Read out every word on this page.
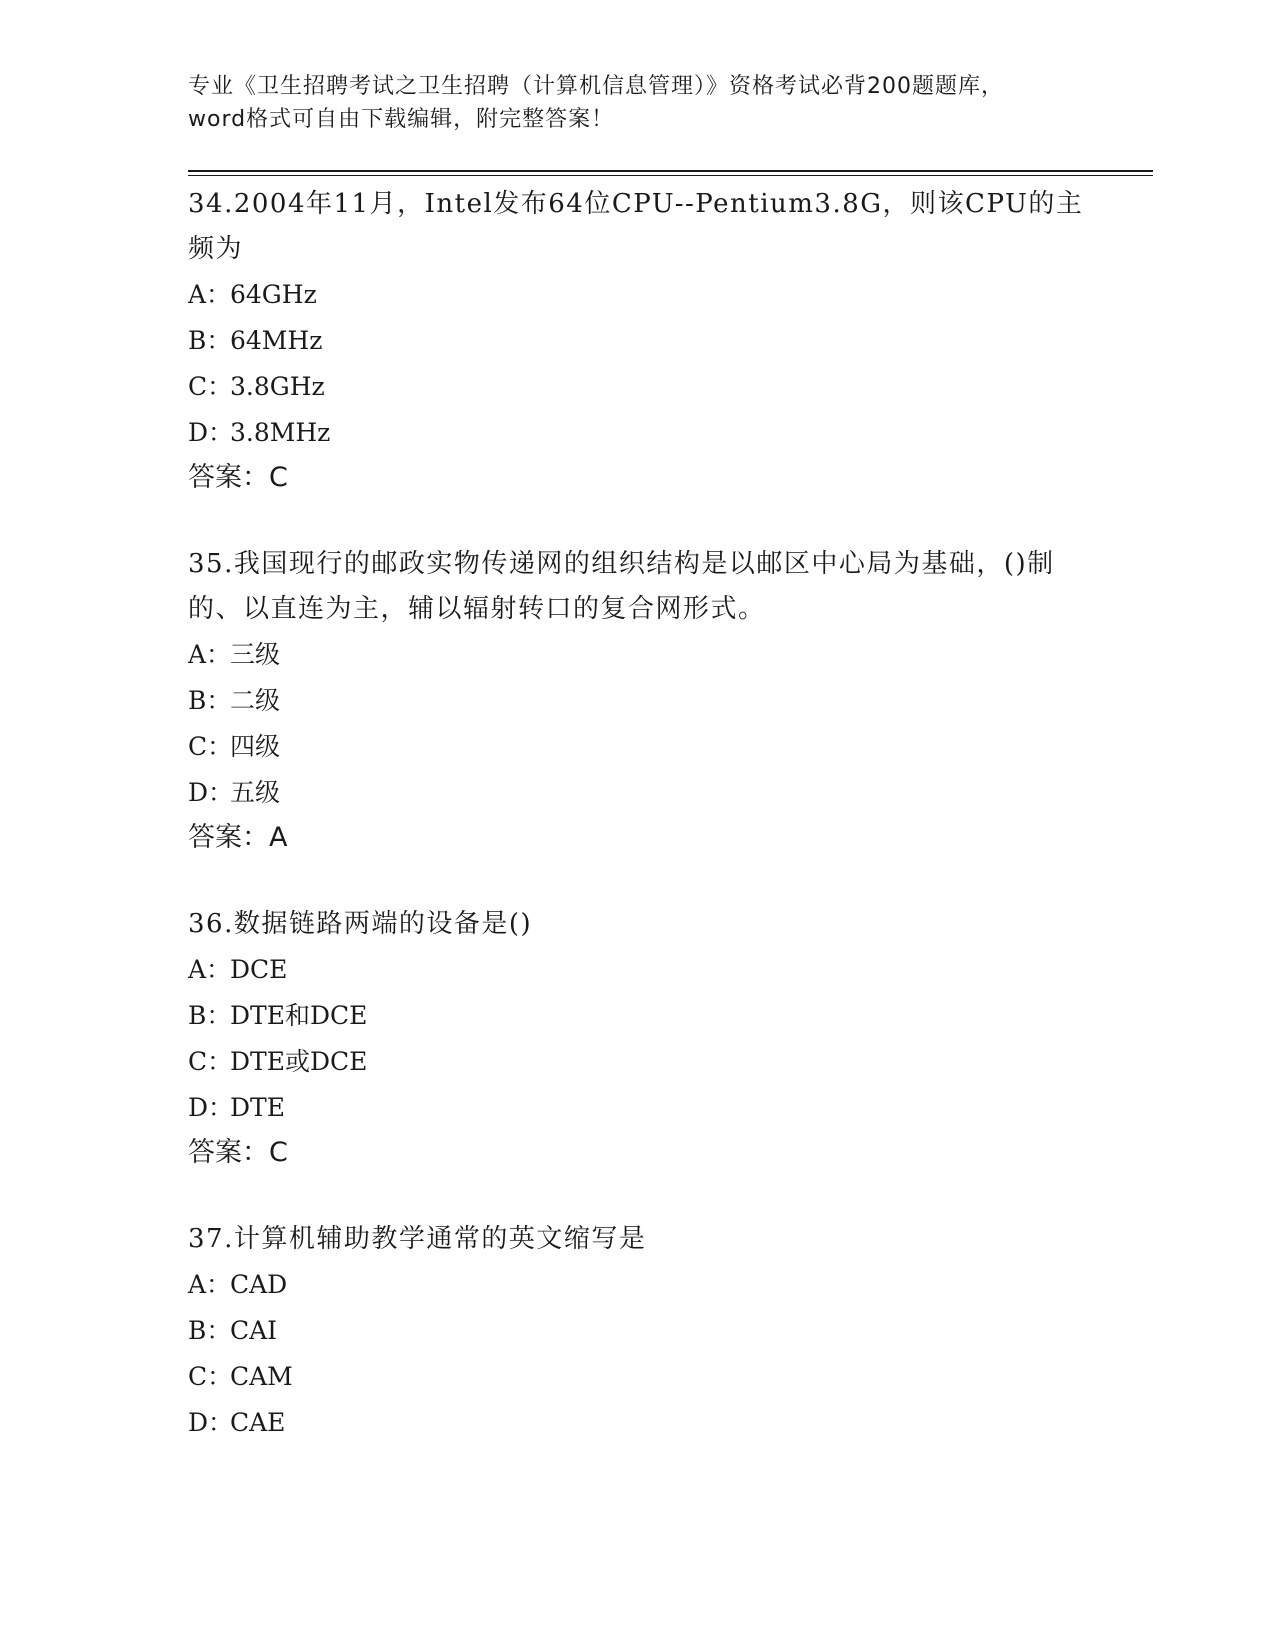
专业《卫生招聘考试之卫生招聘（计算机信息管理）》资格考试必背200题题库，

word格式可自由下载编辑，附完整答案！

34.2004年11月，Intel发布64位CPU--Pentium3.8G，则该CPU的主频为

A：64GHz

B：64MHz

C：3.8GHz

D：3.8MHz

答案：C

35.我国现行的邮政实物传递网的组织结构是以邮区中心局为基础，()制的、以直连为主，辅以辐射转口的复合网形式。

A：三级

B：二级

C：四级

D：五级

答案：A

36.数据链路两端的设备是()

A：DCE

B：DTE和DCE

C：DTE或DCE

D：DTE

答案：C

37.计算机辅助教学通常的英文缩写是

A：CAD

B：CAI

C：CAM

D：CAE
